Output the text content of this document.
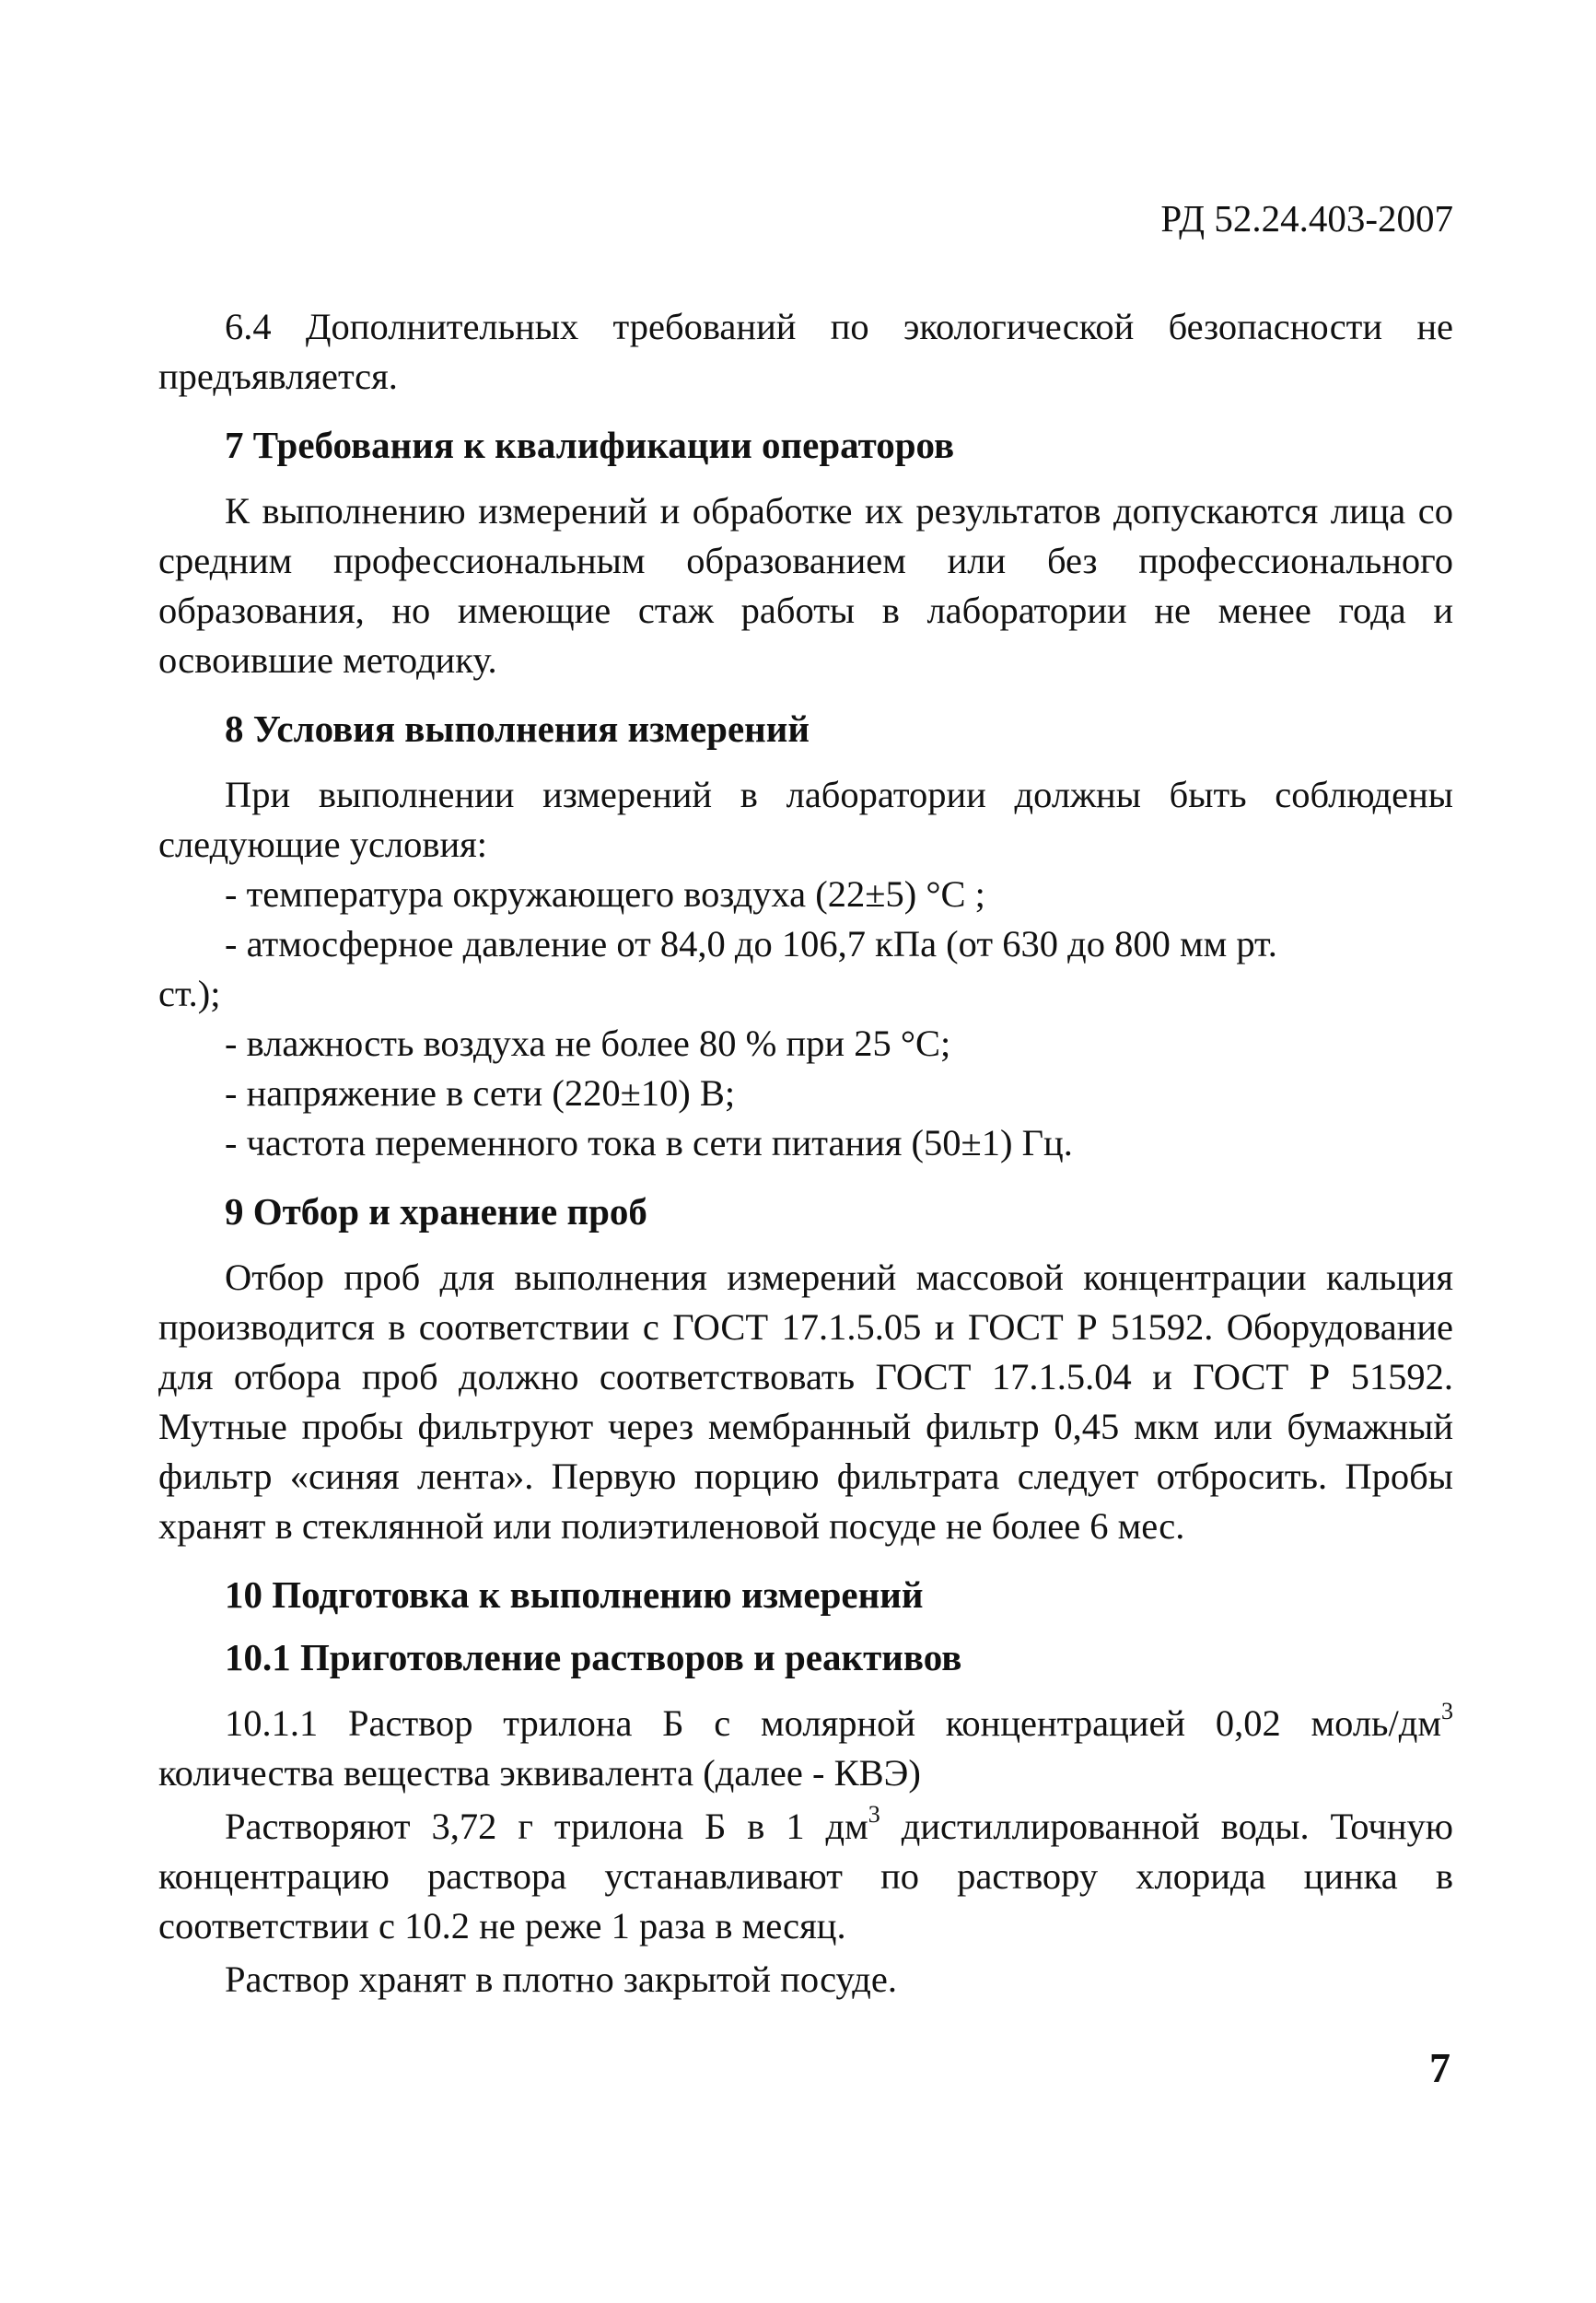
РД 52.24.403-2007

6.4 Дополнительных требований по экологической безопасности не предъявляется.

7 Требования к квалификации операторов

К выполнению измерений и обработке их результатов допускаются лица со средним профессиональным образованием или без профессионального образования, но имеющие стаж работы в лаборатории не менее года и освоившие методику.

8 Условия выполнения измерений

При выполнении измерений в лаборатории должны быть соблюдены следующие условия:

- температура окружающего воздуха (22±5) °С ;
- атмосферное давление от 84,0 до 106,7 кПа (от 630 до 800 мм рт.
ст.);
- влажность воздуха не более 80 % при 25 °С;
- напряжение в сети (220±10) В;
- частота переменного тока в сети питания (50±1) Гц.
9 Отбор и хранение проб

Отбор проб для выполнения измерений массовой концентрации кальция производится в соответствии с ГОСТ 17.1.5.05 и ГОСТ Р 51592. Оборудование для отбора проб должно соответствовать ГОСТ 17.1.5.04 и ГОСТ Р 51592. Мутные пробы фильтруют через мембранный фильтр 0,45 мкм или бумажный фильтр «синяя лента». Первую порцию фильтрата следует отбросить. Пробы хранят в стеклянной или полиэтиленовой посуде не более 6 мес.

10 Подготовка к выполнению измерений
10.1 Приготовление растворов и реактивов

10.1.1 Раствор трилона Б с молярной концентрацией 0,02 моль/$дм^3$ количества вещества эквивалента (далее - КВЭ)

Растворяют 3,72 г трилона Б в 1 $дм^3$ дистиллированной воды. Точную концентрацию раствора устанавливают по раствору хлорида цинка в соответствии с 10.2 не реже 1 раза в месяц.

Раствор хранят в плотно закрытой посуде.

7
